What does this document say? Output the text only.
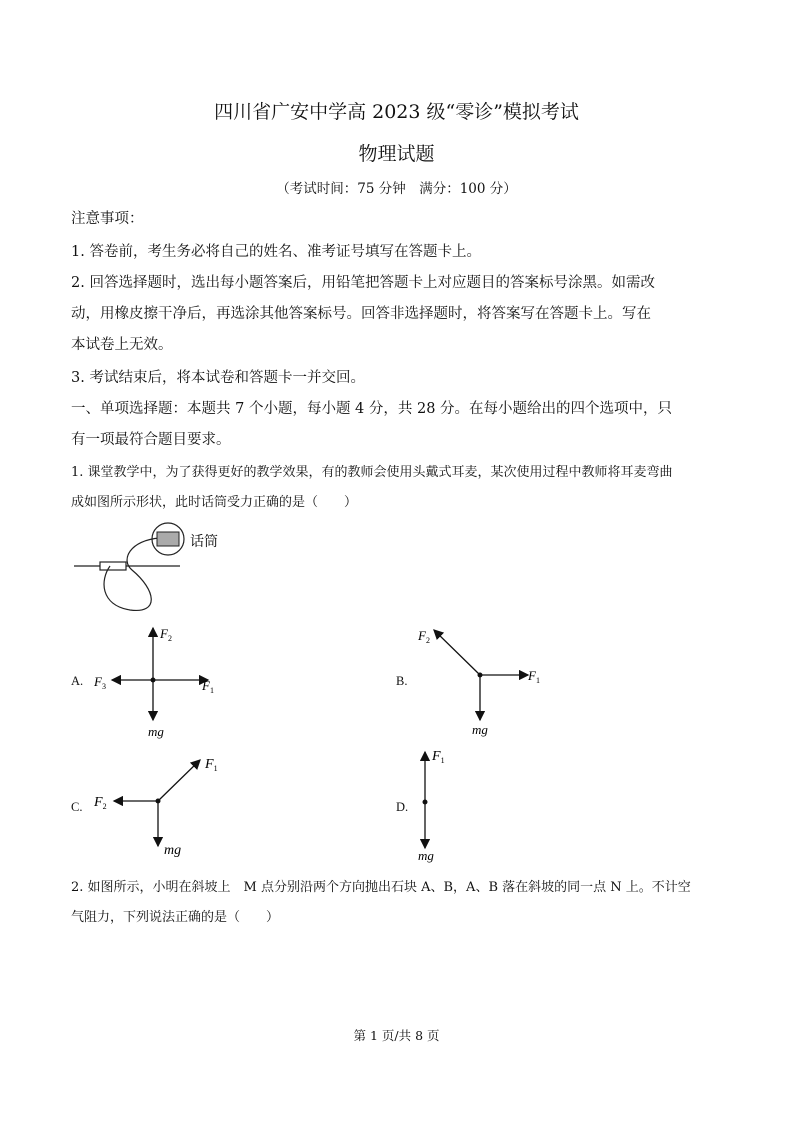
四川省广安中学高 2023 级“零诊”模拟考试
物理试题
（考试时间：75 分钟　满分：100 分）
注意事项：
1. 答卷前，考生务必将自己的姓名、准考证号填写在答题卡上。
2. 回答选择题时，选出每小题答案后，用铅笔把答题卡上对应题目的答案标号涂黑。如需改
动，用橡皮擦干净后，再选涂其他答案标号。回答非选择题时，将答案写在答题卡上。写在
本试卷上无效。
3. 考试结束后，将本试卷和答题卡一并交回。
一、单项选择题：本题共 7 个小题，每小题 4 分，共 28 分。在每小题给出的四个选项中，只
有一项最符合题目要求。
1. 课堂教学中，为了获得更好的教学效果，有的教师会使用头戴式耳麦，某次使用过程中教师将耳麦弯曲
成如图所示形状，此时话筒受力正确的是（　　）
话筒
A.
$F_2$
$F_3$	$F_1$
mg
B.
$F_2$
$F_1$
mg
C.
$F_1$
$F_2$
mg
D.
$F_1$
mg
2. 如图所示，小明在斜坡上　M 点分别沿两个方向抛出石块 A、B，A、B 落在斜坡的同一点 N 上。不计空
气阻力，下列说法正确的是（　　）
第 1 页/共 8 页
